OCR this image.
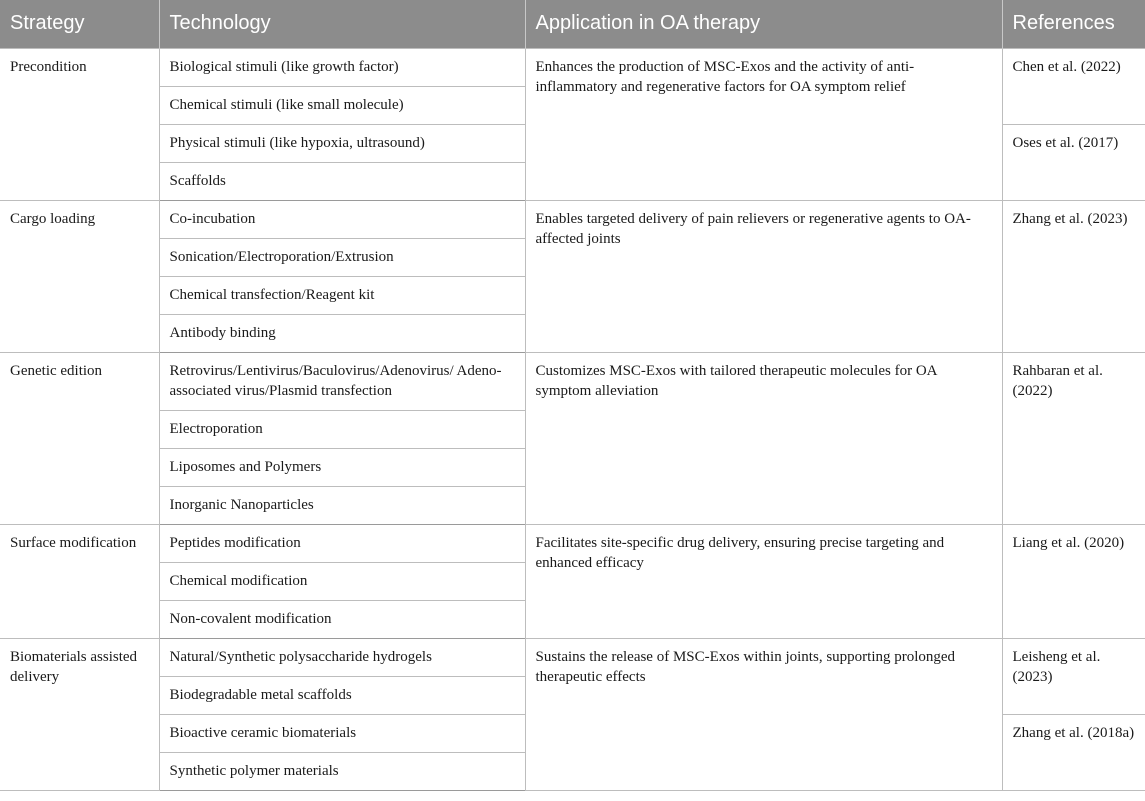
Strategy	Technology	Application in OA therapy	References
Precondition	Biological stimuli (like growth factor)	Enhances the production of MSC-Exos and the activity of anti-inflammatory and regenerative factors for OA symptom relief	Chen et al. (2022)
	Chemical stimuli (like small molecule)		
	Physical stimuli (like hypoxia, ultrasound)		Oses et al. (2017)
	Scaffolds		
Cargo loading	Co-incubation	Enables targeted delivery of pain relievers or regenerative agents to OA-affected joints	Zhang et al. (2023)
	Sonication/Electroporation/Extrusion		
	Chemical transfection/Reagent kit		
	Antibody binding		
Genetic edition	Retrovirus/Lentivirus/Baculovirus/Adenovirus/ Adeno-associated virus/Plasmid transfection	Customizes MSC-Exos with tailored therapeutic molecules for OA symptom alleviation	Rahbaran et al. (2022)
	Electroporation		
	Liposomes and Polymers		
	Inorganic Nanoparticles		
Surface modification	Peptides modification	Facilitates site-specific drug delivery, ensuring precise targeting and enhanced efficacy	Liang et al. (2020)
	Chemical modification		
	Non-covalent modification		
Biomaterials assisted delivery	Natural/Synthetic polysaccharide hydrogels	Sustains the release of MSC-Exos within joints, supporting prolonged therapeutic effects	Leisheng et al. (2023)
	Biodegradable metal scaffolds		
	Bioactive ceramic biomaterials		Zhang et al. (2018a)
	Synthetic polymer materials		
